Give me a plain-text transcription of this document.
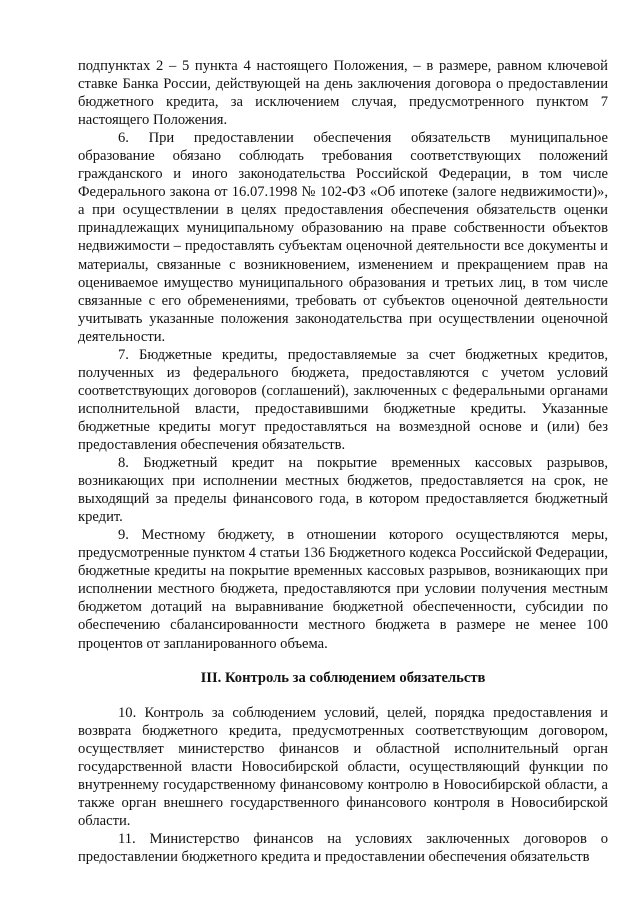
подпунктах 2 – 5 пункта 4 настоящего Положения, – в размере, равном ключевой ставке Банка России, действующей на день заключения договора о предоставлении бюджетного кредита, за исключением случая, предусмотренного пунктом 7 настоящего Положения.

6. При предоставлении обеспечения обязательств муниципальное образование обязано соблюдать требования соответствующих положений гражданского и иного законодательства Российской Федерации, в том числе Федерального закона от 16.07.1998 № 102-ФЗ «Об ипотеке (залоге недвижимости)», а при осуществлении в целях предоставления обеспечения обязательств оценки принадлежащих муниципальному образованию на праве собственности объектов недвижимости – предоставлять субъектам оценочной деятельности все документы и материалы, связанные с возникновением, изменением и прекращением прав на оцениваемое имущество муниципального образования и третьих лиц, в том числе связанные с его обременениями, требовать от субъектов оценочной деятельности учитывать указанные положения законодательства при осуществлении оценочной деятельности.

7. Бюджетные кредиты, предоставляемые за счет бюджетных кредитов, полученных из федерального бюджета, предоставляются с учетом условий соответствующих договоров (соглашений), заключенных с федеральными органами исполнительной власти, предоставившими бюджетные кредиты. Указанные бюджетные кредиты могут предоставляться на возмездной основе и (или) без предоставления обеспечения обязательств.

8. Бюджетный кредит на покрытие временных кассовых разрывов, возникающих при исполнении местных бюджетов, предоставляется на срок, не выходящий за пределы финансового года, в котором предоставляется бюджетный кредит.

9. Местному бюджету, в отношении которого осуществляются меры, предусмотренные пунктом 4 статьи 136 Бюджетного кодекса Российской Федерации, бюджетные кредиты на покрытие временных кассовых разрывов, возникающих при исполнении местного бюджета, предоставляются при условии получения местным бюджетом дотаций на выравнивание бюджетной обеспеченности, субсидии по обеспечению сбалансированности местного бюджета в размере не менее 100 процентов от запланированного объема.

III. Контроль за соблюдением обязательств

10. Контроль за соблюдением условий, целей, порядка предоставления и возврата бюджетного кредита, предусмотренных соответствующим договором, осуществляет министерство финансов и областной исполнительный орган государственной власти Новосибирской области, осуществляющий функции по внутреннему государственному финансовому контролю в Новосибирской области, а также орган внешнего государственного финансового контроля в Новосибирской области.

11. Министерство финансов на условиях заключенных договоров о предоставлении бюджетного кредита и предоставлении обеспечения обязательств
